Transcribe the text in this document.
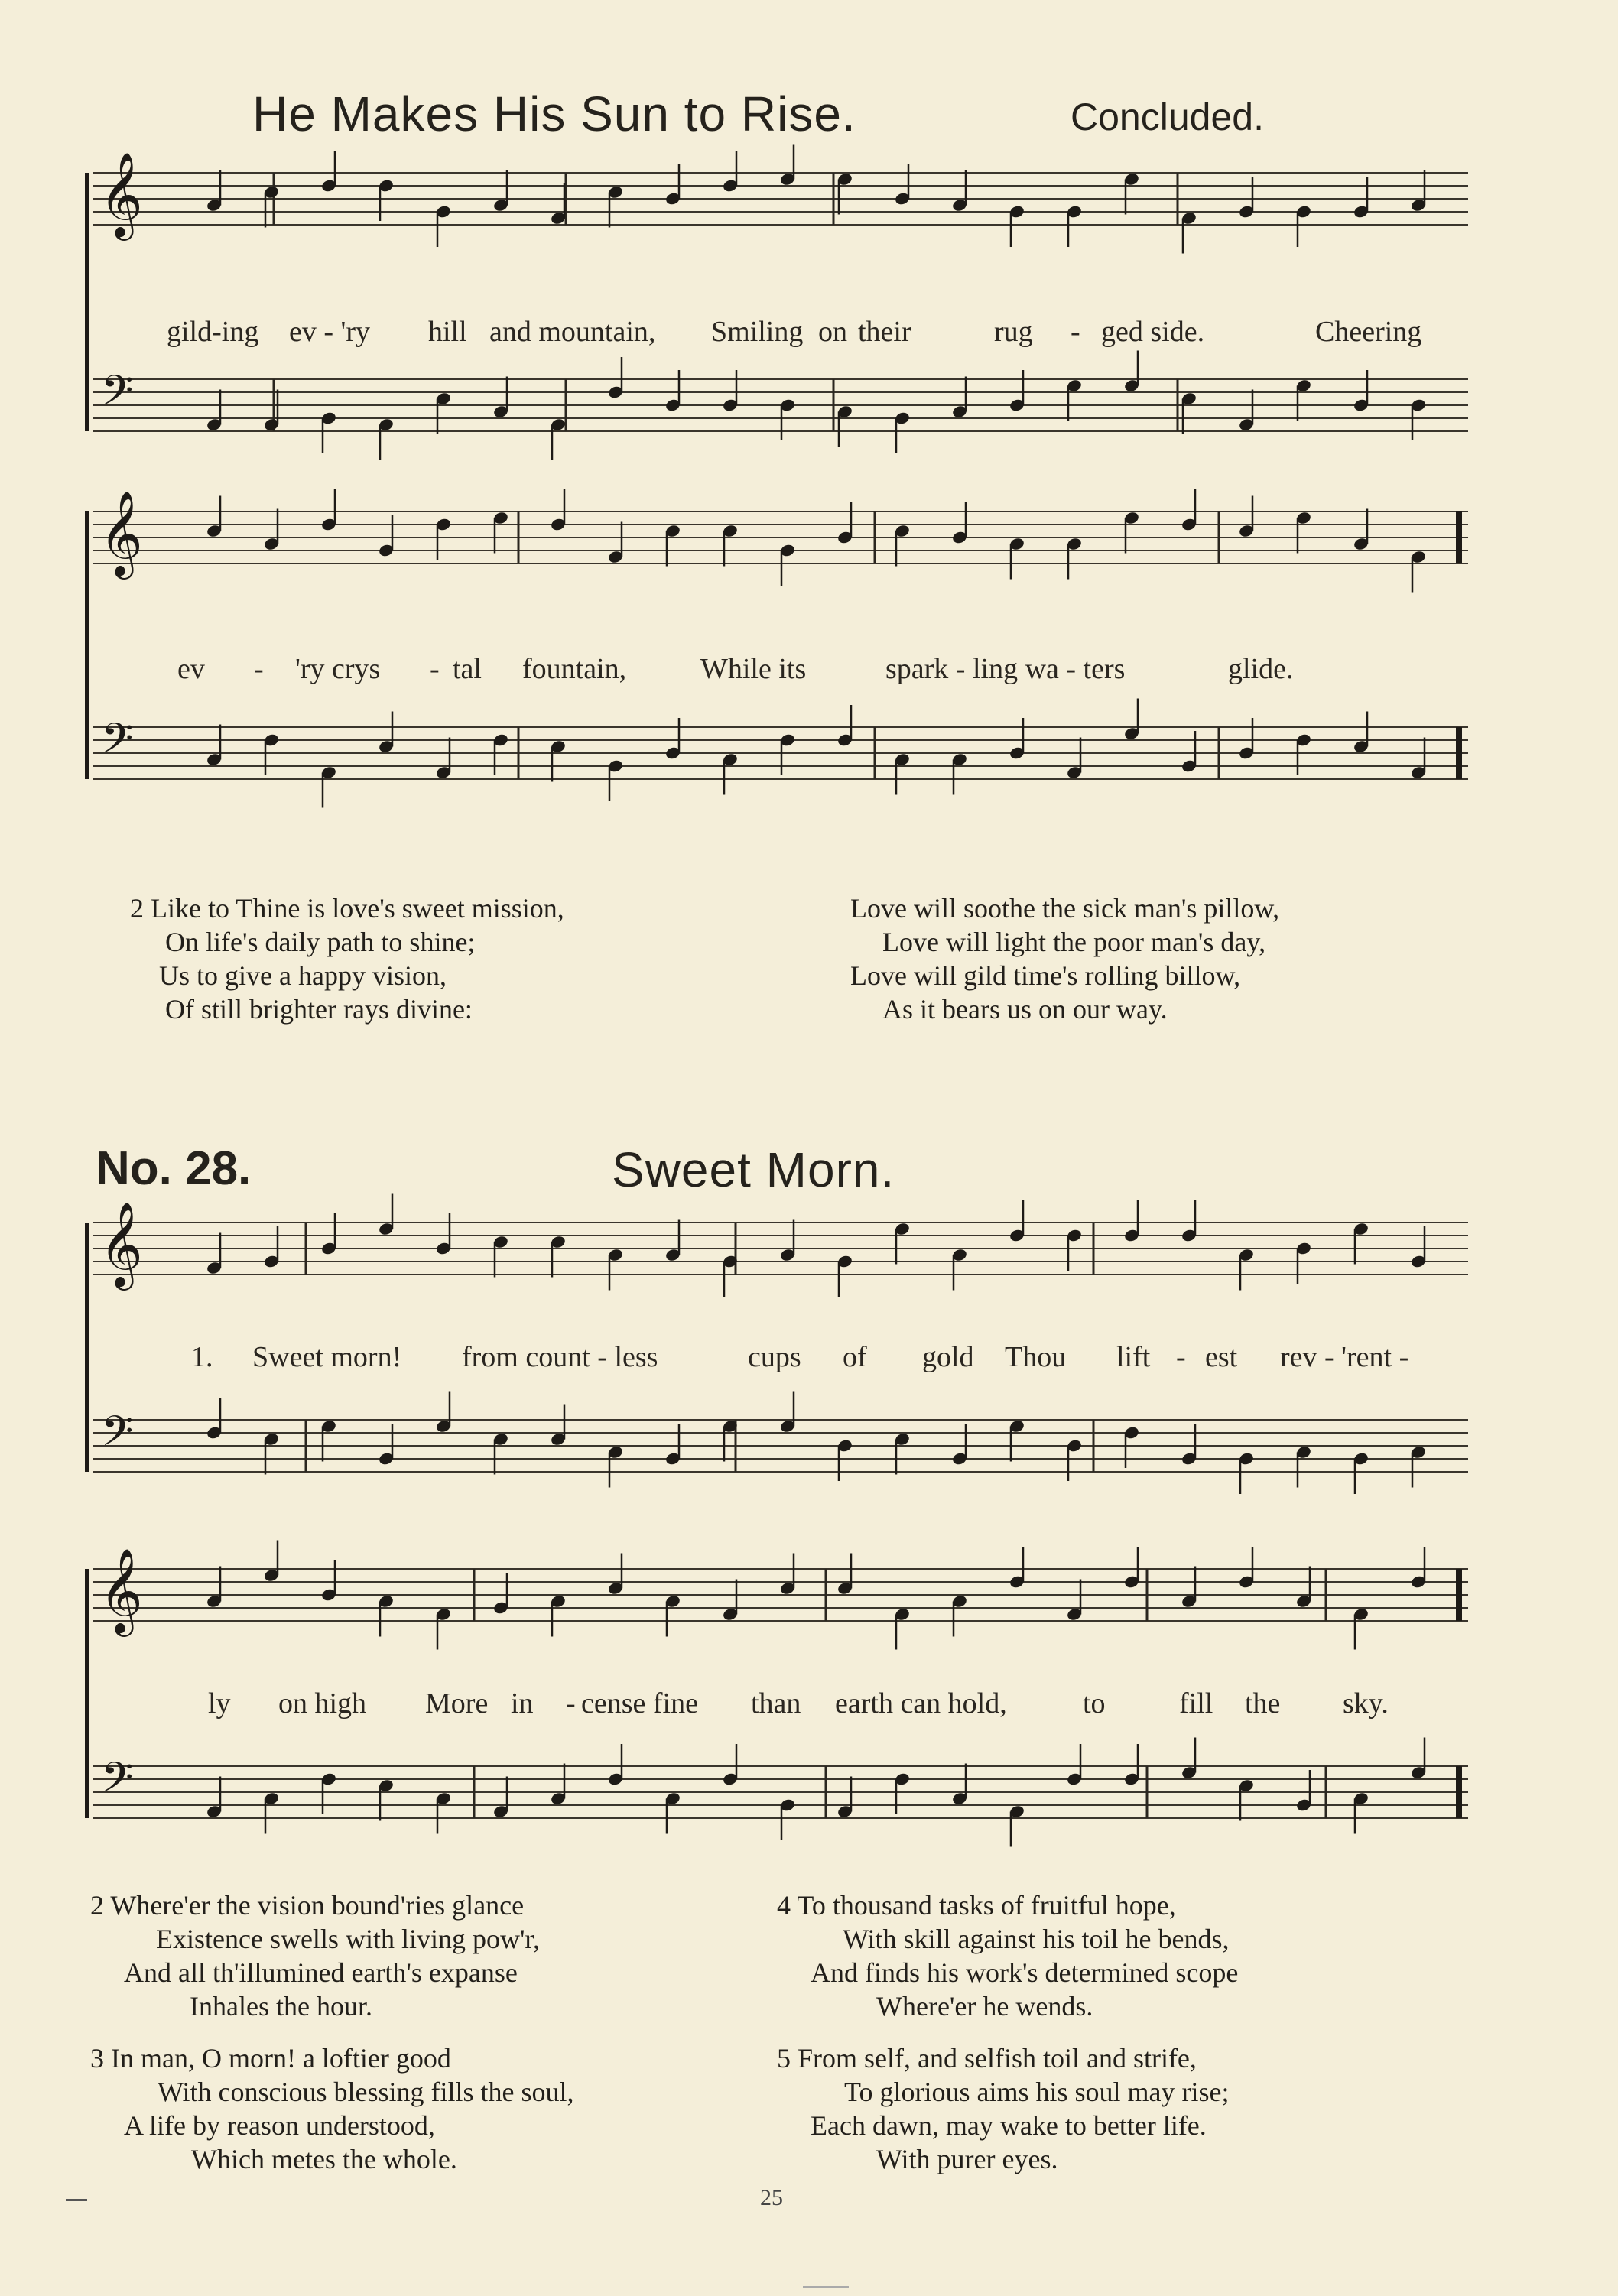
He Makes His Sun to Rise.	Concluded.
𝄞
𝄢
gild-ing ev - 'ry hill and mountain, Smiling on their	rug - ged side.	Cheering
𝄞
𝄢
ev - 'ry crys - tal fountain,	While its	spark - ling wa - ters	glide.
2 Like to Thine is love's sweet mission,
On life's daily path to shine;
Us to give a happy vision,
Of still brighter rays divine:
Love will soothe the sick man's pillow,
Love will light the poor man's day,
Love will gild time's rolling billow,
As it bears us on our way.
No. 28.	Sweet Morn.
𝄞
𝄢
1. Sweet morn! from count - less	cups of gold Thou lift - est rev - 'rent -
𝄞
𝄢
ly on high More in - cense fine than earth can hold,	to	fill the sky.
2 Where'er the vision bound'ries glance
Existence swells with living pow'r,
And all th'illumined earth's expanse
Inhales the hour.
3 In man, O morn! a loftier good
With conscious blessing fills the soul,
A life by reason understood,
Which metes the whole.
4 To thousand tasks of fruitful hope,
With skill against his toil he bends,
And finds his work's determined scope
Where'er he wends.
5 From self, and selfish toil and strife,
To glorious aims his soul may rise;
Each dawn, may wake to better life.
With purer eyes.
25
